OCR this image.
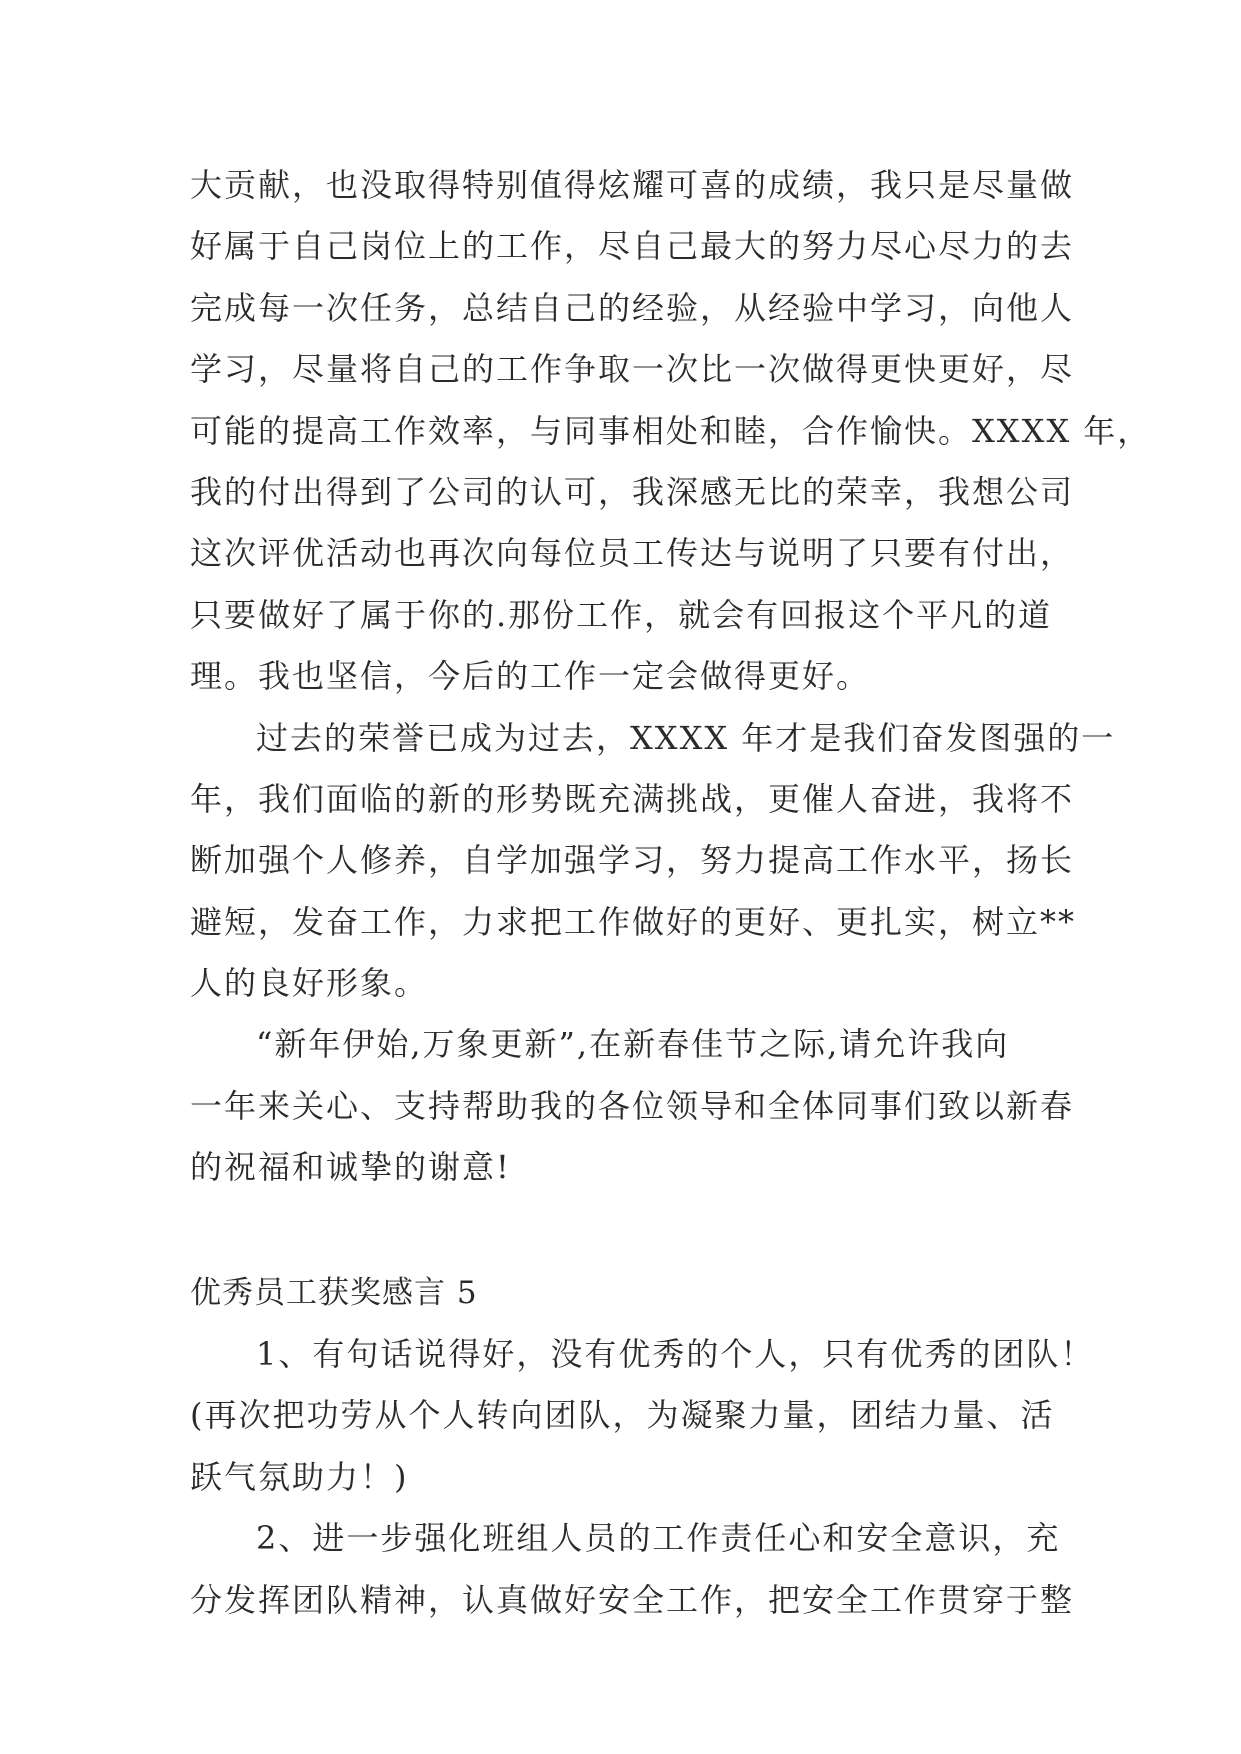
大贡献，也没取得特别值得炫耀可喜的成绩，我只是尽量做
好属于自己岗位上的工作，尽自己最大的努力尽心尽力的去
完成每一次任务，总结自己的经验，从经验中学习，向他人
学习，尽量将自己的工作争取一次比一次做得更快更好，尽
可能的提高工作效率，与同事相处和睦，合作愉快。XXXX 年，
我的付出得到了公司的认可，我深感无比的荣幸，我想公司
这次评优活动也再次向每位员工传达与说明了只要有付出，
只要做好了属于你的.那份工作，就会有回报这个平凡的道
理。我也坚信，今后的工作一定会做得更好。
过去的荣誉已成为过去，XXXX 年才是我们奋发图强的一
年，我们面临的新的形势既充满挑战，更催人奋进，我将不
断加强个人修养，自学加强学习，努力提高工作水平，扬长
避短，发奋工作，力求把工作做好的更好、更扎实，树立**
人的良好形象。
“新年伊始,万象更新”,在新春佳节之际,请允许我向
一年来关心、支持帮助我的各位领导和全体同事们致以新春
的祝福和诚挚的谢意!
优秀员工获奖感言 5
1、有句话说得好，没有优秀的个人，只有优秀的团队！
(再次把功劳从个人转向团队，为凝聚力量，团结力量、活
跃气氛助力！)
2、进一步强化班组人员的工作责任心和安全意识，充
分发挥团队精神，认真做好安全工作，把安全工作贯穿于整
